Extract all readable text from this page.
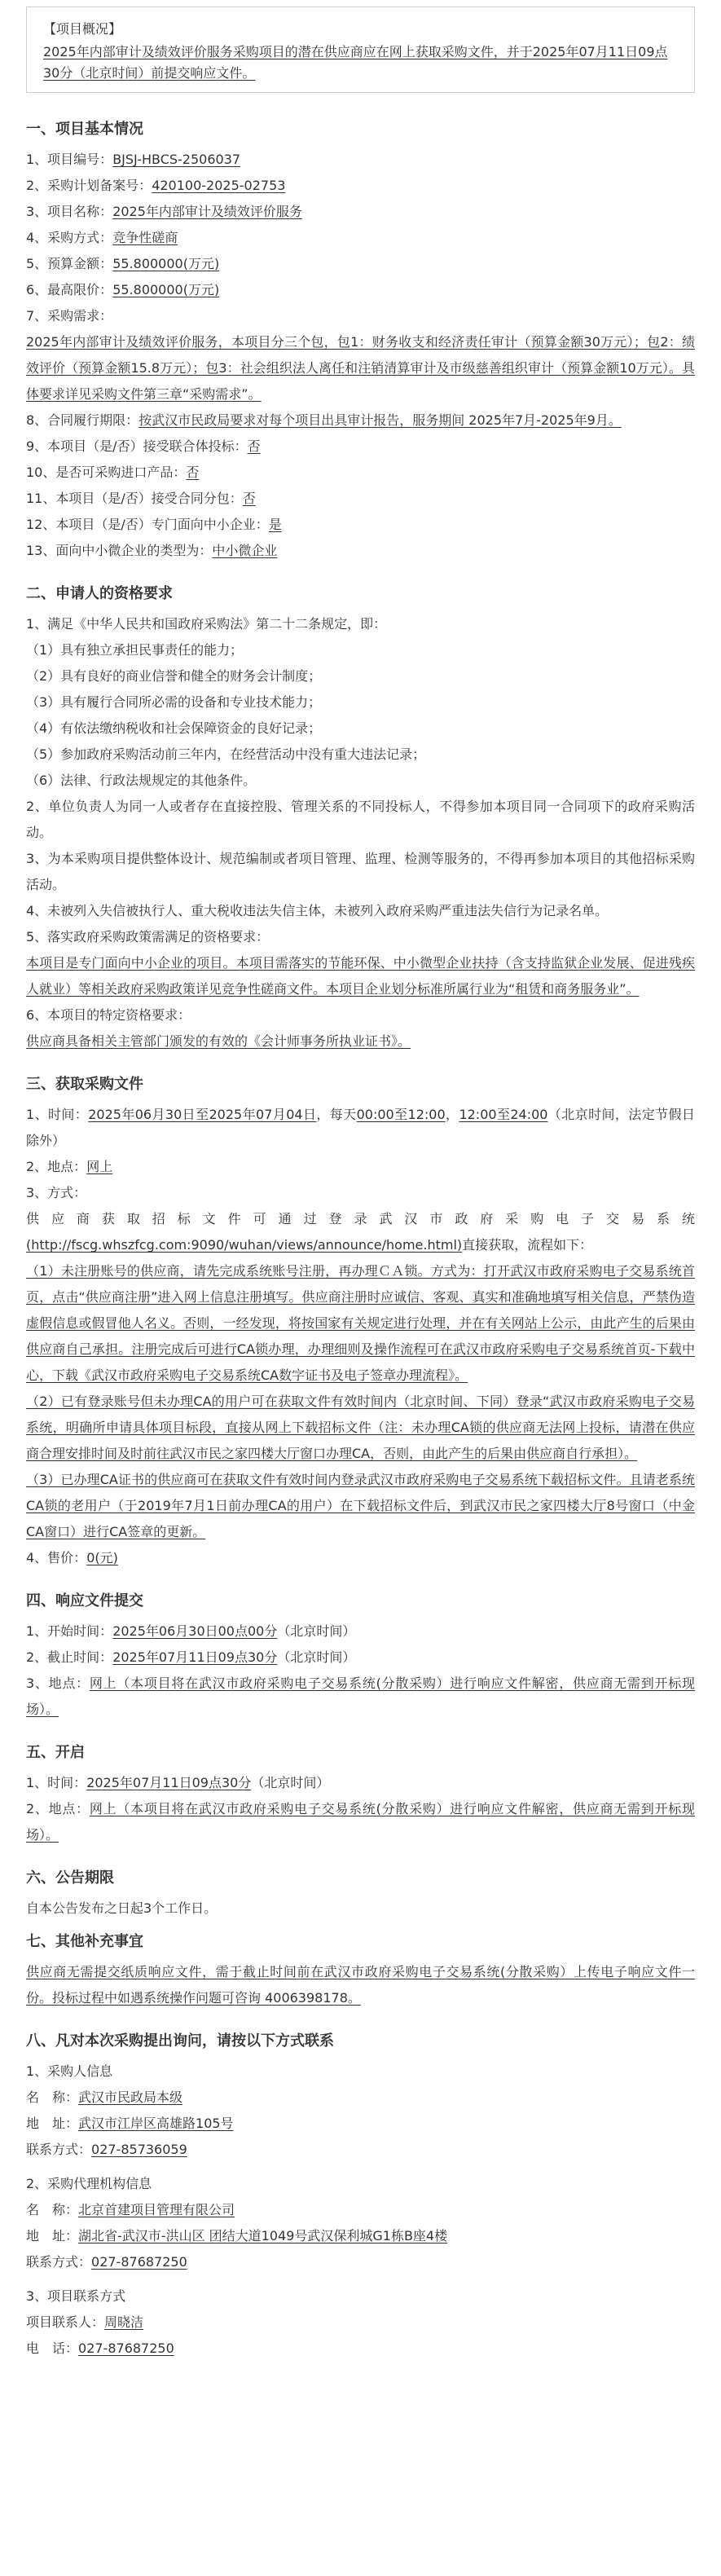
【项目概况】
2025年内部审计及绩效评价服务采购项目的潜在供应商应在网上获取采购文件，并于2025年07月11日09点30分（北京时间）前提交响应文件。
一、项目基本情况

1、项目编号：BJSJ-HBCS-2506037

2、采购计划备案号：420100-2025-02753

3、项目名称：2025年内部审计及绩效评价服务

4、采购方式：竞争性磋商

5、预算金额：55.800000(万元)

6、最高限价：55.800000(万元)

7、采购需求：

2025年内部审计及绩效评价服务，本项目分三个包，包1：财务收支和经济责任审计（预算金额30万元）；包2：绩效评价（预算金额15.8万元）；包3：社会组织法人离任和注销清算审计及市级慈善组织审计（预算金额10万元）。具体要求详见采购文件第三章“采购需求”。

8、合同履行期限：按武汉市民政局要求对每个项目出具审计报告，服务期间 2025年7月-2025年9月。

9、本项目（是/否）接受联合体投标：否

10、是否可采购进口产品：否

11、本项目（是/否）接受合同分包：否

12、本项目（是/否）专门面向中小企业：是

13、面向中小微企业的类型为：中小微企业

二、申请人的资格要求

1、满足《中华人民共和国政府采购法》第二十二条规定，即：

（1）具有独立承担民事责任的能力；

（2）具有良好的商业信誉和健全的财务会计制度；

（3）具有履行合同所必需的设备和专业技术能力；

（4）有依法缴纳税收和社会保障资金的良好记录；

（5）参加政府采购活动前三年内，在经营活动中没有重大违法记录；

（6）法律、行政法规规定的其他条件。

2、单位负责人为同一人或者存在直接控股、管理关系的不同投标人，不得参加本项目同一合同项下的政府采购活动。

3、为本采购项目提供整体设计、规范编制或者项目管理、监理、检测等服务的，不得再参加本项目的其他招标采购活动。

4、未被列入失信被执行人、重大税收违法失信主体，未被列入政府采购严重违法失信行为记录名单。

5、落实政府采购政策需满足的资格要求：

本项目是专门面向中小企业的项目。本项目需落实的节能环保、中小微型企业扶持（含支持监狱企业发展、促进残疾人就业）等相关政府采购政策详见竞争性磋商文件。本项目企业划分标准所属行业为“租赁和商务服务业”。

6、本项目的特定资格要求：

供应商具备相关主管部门颁发的有效的《会计师事务所执业证书》。

三、获取采购文件

1、时间：2025年06月30日至2025年07月04日，每天00:00至12:00，12:00至24:00（北京时间，法定节假日除外）

2、地点：网上

3、方式：

供应商获取招标文件可通过登录武汉市政府采购电子交易系统

(http://fscg.whszfcg.com:9090/wuhan/views/announce/home.html)直接获取，流程如下：

（1）未注册账号的供应商，请先完成系统账号注册，再办理ＣＡ锁。方式为：打开武汉市政府采购电子交易系统首页，点击“供应商注册”进入网上信息注册填写。供应商注册时应诚信、客观、真实和准确地填写相关信息，严禁伪造虚假信息或假冒他人名义。否则，一经发现，将按国家有关规定进行处理，并在有关网站上公示，由此产生的后果由供应商自己承担。注册完成后可进行CA锁办理，办理细则及操作流程可在武汉市政府采购电子交易系统首页-下载中心，下载《武汉市政府采购电子交易系统CA数字证书及电子签章办理流程》。

（2）已有登录账号但未办理CA的用户可在获取文件有效时间内（北京时间、下同）登录“武汉市政府采购电子交易系统，明确所申请具体项目标段，直接从网上下载招标文件（注：未办理CA锁的供应商无法网上投标，请潜在供应商合理安排时间及时前往武汉市民之家四楼大厅窗口办理CA，否则，由此产生的后果由供应商自行承担）。

（3）已办理CA证书的供应商可在获取文件有效时间内登录武汉市政府采购电子交易系统下载招标文件。且请老系统CA锁的老用户（于2019年7月1日前办理CA的用户）在下载招标文件后，到武汉市民之家四楼大厅8号窗口（中金CA窗口）进行CA签章的更新。

4、售价：0(元)

四、响应文件提交

1、开始时间：2025年06月30日00点00分（北京时间）

2、截止时间：2025年07月11日09点30分（北京时间）

3、地点：网上（本项目将在武汉市政府采购电子交易系统(分散采购）进行响应文件解密，供应商无需到开标现场）。

五、开启

1、时间：2025年07月11日09点30分（北京时间）

2、地点：网上（本项目将在武汉市政府采购电子交易系统(分散采购）进行响应文件解密，供应商无需到开标现场）。

六、公告期限

自本公告发布之日起3个工作日。

七、其他补充事宜

供应商无需提交纸质响应文件，需于截止时间前在武汉市政府采购电子交易系统(分散采购）上传电子响应文件一份。投标过程中如遇系统操作问题可咨询 4006398178。

八、凡对本次采购提出询问，请按以下方式联系

1、采购人信息

名　称：武汉市民政局本级

地　址：武汉市江岸区高雄路105号

联系方式：027-85736059

2、采购代理机构信息

名　称：北京首建项目管理有限公司

地　址：湖北省-武汉市-洪山区 团结大道1049号武汉保利城G1栋B座4楼

联系方式：027-87687250

3、项目联系方式

项目联系人：周晓洁

电　话：027-87687250
